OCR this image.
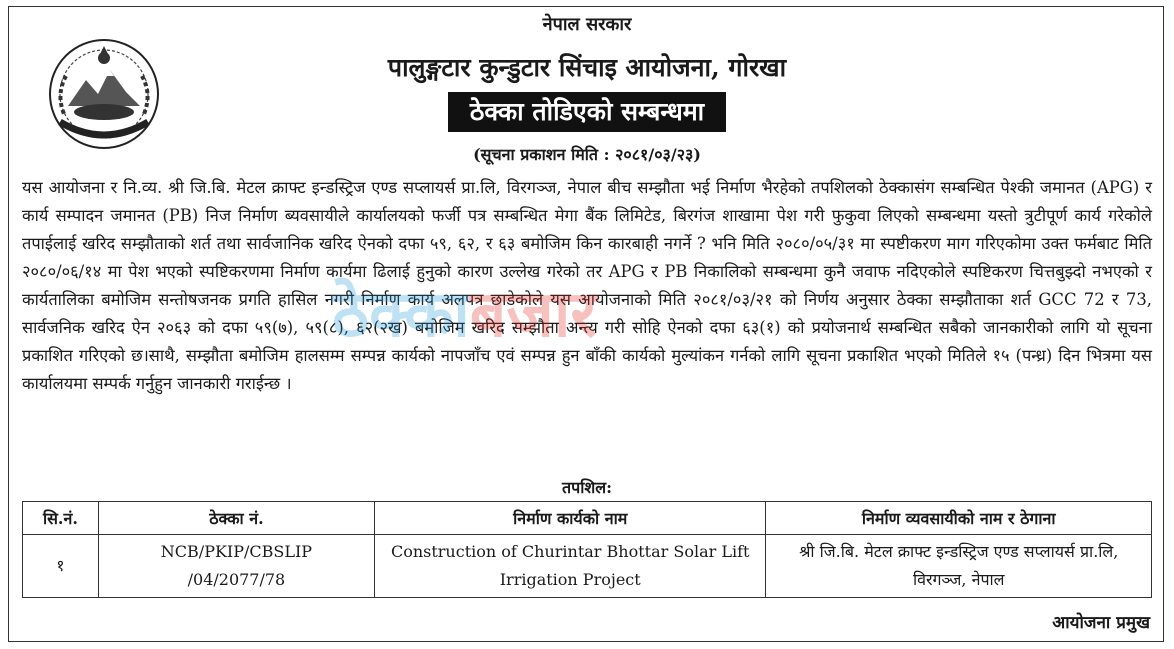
नेपाल सरकार
पालुङ्गटार कुन्डुटार सिंचाइ आयोजना, गोरखा
ठेक्का तोडिएको सम्बन्धमा
(सूचना प्रकाशन मिति : २०८१/०३/२३)
यस आयोजना र नि.व्य. श्री जि.बि. मेटल क्राफ्ट इन्डस्ट्रिज एण्ड सप्लायर्स प्रा.लि, विरगञ्ज, नेपाल बीच सम्झौता भई निर्माण भैरहेको तपशिलको ठेक्कासंग सम्बन्धित पेश्की जमानत (APG) र कार्य सम्पादन जमानत (PB) निज निर्माण ब्यवसायीले कार्यालयको फर्जी पत्र सम्बन्धित मेगा बैंक लिमिटेड, बिरगंज शाखामा पेश गरी फुकुवा लिएको सम्बन्धमा यस्तो त्रुटीपूर्ण कार्य गरेकोले तपाईलाई खरिद सम्झौताको शर्त तथा सार्वजानिक खरिद ऐनको दफा ५९, ६२, र ६३ बमोजिम किन कारबाही नगर्ने ? भनि मिति २०८०/०५/३१ मा स्पष्टीकरण माग गरिएकोमा उक्त फर्मबाट मिति २०८०/०६/१४ मा पेश भएको स्पष्टिकरणमा निर्माण कार्यमा ढिलाई हुनुको कारण उल्लेख गरेको तर APG र PB निकालिको सम्बन्धमा कुनै जवाफ नदिएकोले स्पष्टिकरण चित्तबुझ्दो नभएको र कार्यतालिका बमोजिम सन्तोषजनक प्रगति हासिल नगरी निर्माण कार्य अलपत्र छाडेकोले यस आयोजनाको मिति २०८१/०३/२१ को निर्णय अनुसार ठेक्का सम्झौताका शर्त GCC 72 र 73, सार्वजनिक खरिद ऐन २०६३ को दफा ५९(७), ५९(८), ६२(२ख) बमोजिम खरिद सम्झौता अन्त्य गरी सोहि ऐनको दफा ६३(१) को प्रयोजनार्थ सम्बन्धित सबैको जानकारीको लागि यो सूचना प्रकाशित गरिएको छ।साथै, सम्झौता बमोजिम हालसम्म सम्पन्न कार्यको नापजाँच एवं सम्पन्न हुन बाँकी कार्यको मुल्यांकन गर्नको लागि सूचना प्रकाशित भएको मितिले १५ (पन्ध्र) दिन भित्रमा यस कार्यालयमा सम्पर्क गर्नुहुन जानकारी गराईन्छ ।
ठेक्काबजार
तपशिल:
सि.नं.	ठेक्का नं.	निर्माण कार्यको नाम	निर्माण व्यवसायीको नाम र ठेगाना
१	NCB/PKIP/CBSLIP /04/2077/78	Construction of Churintar Bhottar Solar Lift Irrigation Project	श्री जि.बि. मेटल क्राफ्ट इन्डस्ट्रिज एण्ड सप्लायर्स प्रा.लि, विरगञ्ज, नेपाल
आयोजना प्रमुख
